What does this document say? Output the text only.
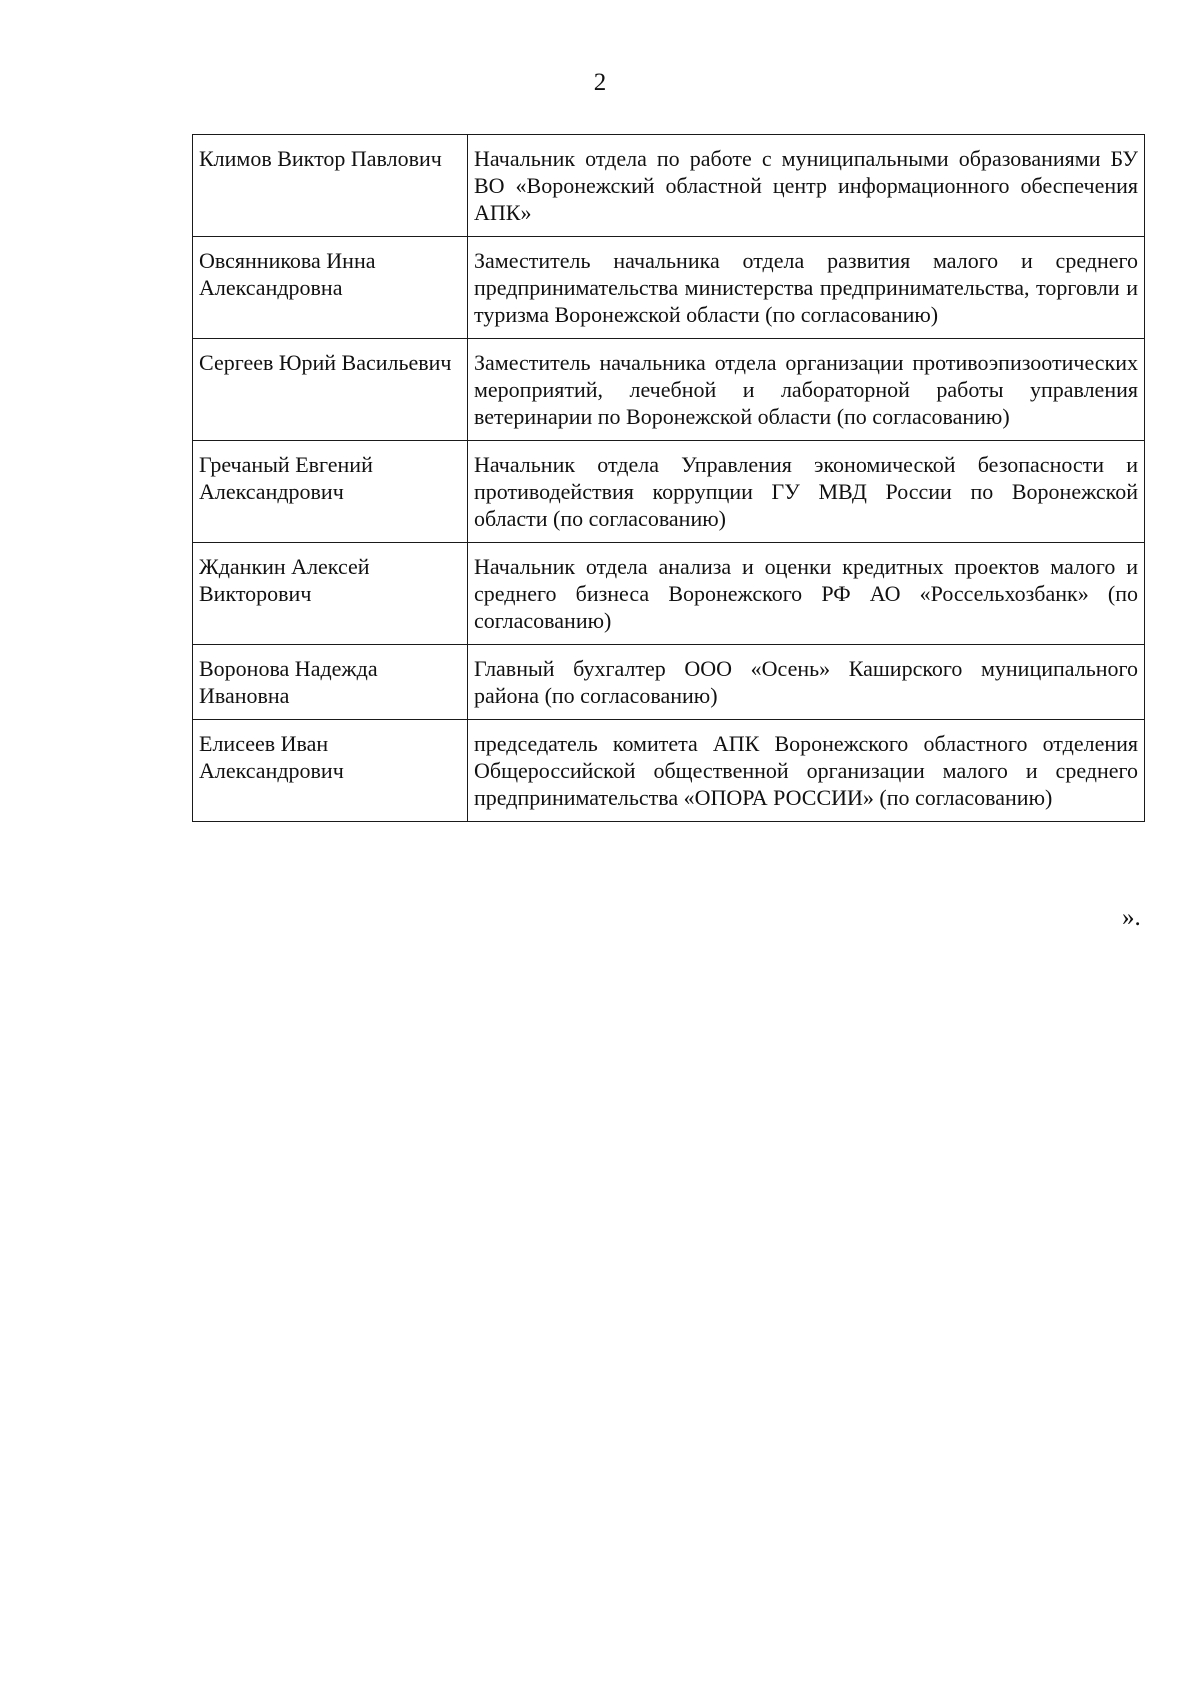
2
Климов Виктор Павлович	Начальник отдела по работе с муниципальными образованиями БУ ВО «Воронежский областной центр информационного обеспечения АПК»
Овсянникова Инна Александровна	Заместитель начальника отдела развития малого и среднего предпринимательства министерства предпринимательства, торговли и туризма Воронежской области (по согласованию)
Сергеев Юрий Васильевич	Заместитель начальника отдела организации противоэпизоотических мероприятий, лечебной и лабораторной работы управления ветеринарии по Воронежской области (по согласованию)
Гречаный Евгений Александрович	Начальник отдела Управления экономической безопасности и противодействия коррупции ГУ МВД России по Воронежской области (по согласованию)
Жданкин Алексей Викторович	Начальник отдела анализа и оценки кредитных проектов малого и среднего бизнеса Воронежского РФ АО «Россельхозбанк» (по согласованию)
Воронова Надежда Ивановна	Главный бухгалтер ООО «Осень» Каширского муниципального района (по согласованию)
Елисеев Иван Александрович	председатель комитета АПК Воронежского областного отделения Общероссийской общественной организации малого и среднего предпринимательства «ОПОРА РОССИИ» (по согласованию)
».
